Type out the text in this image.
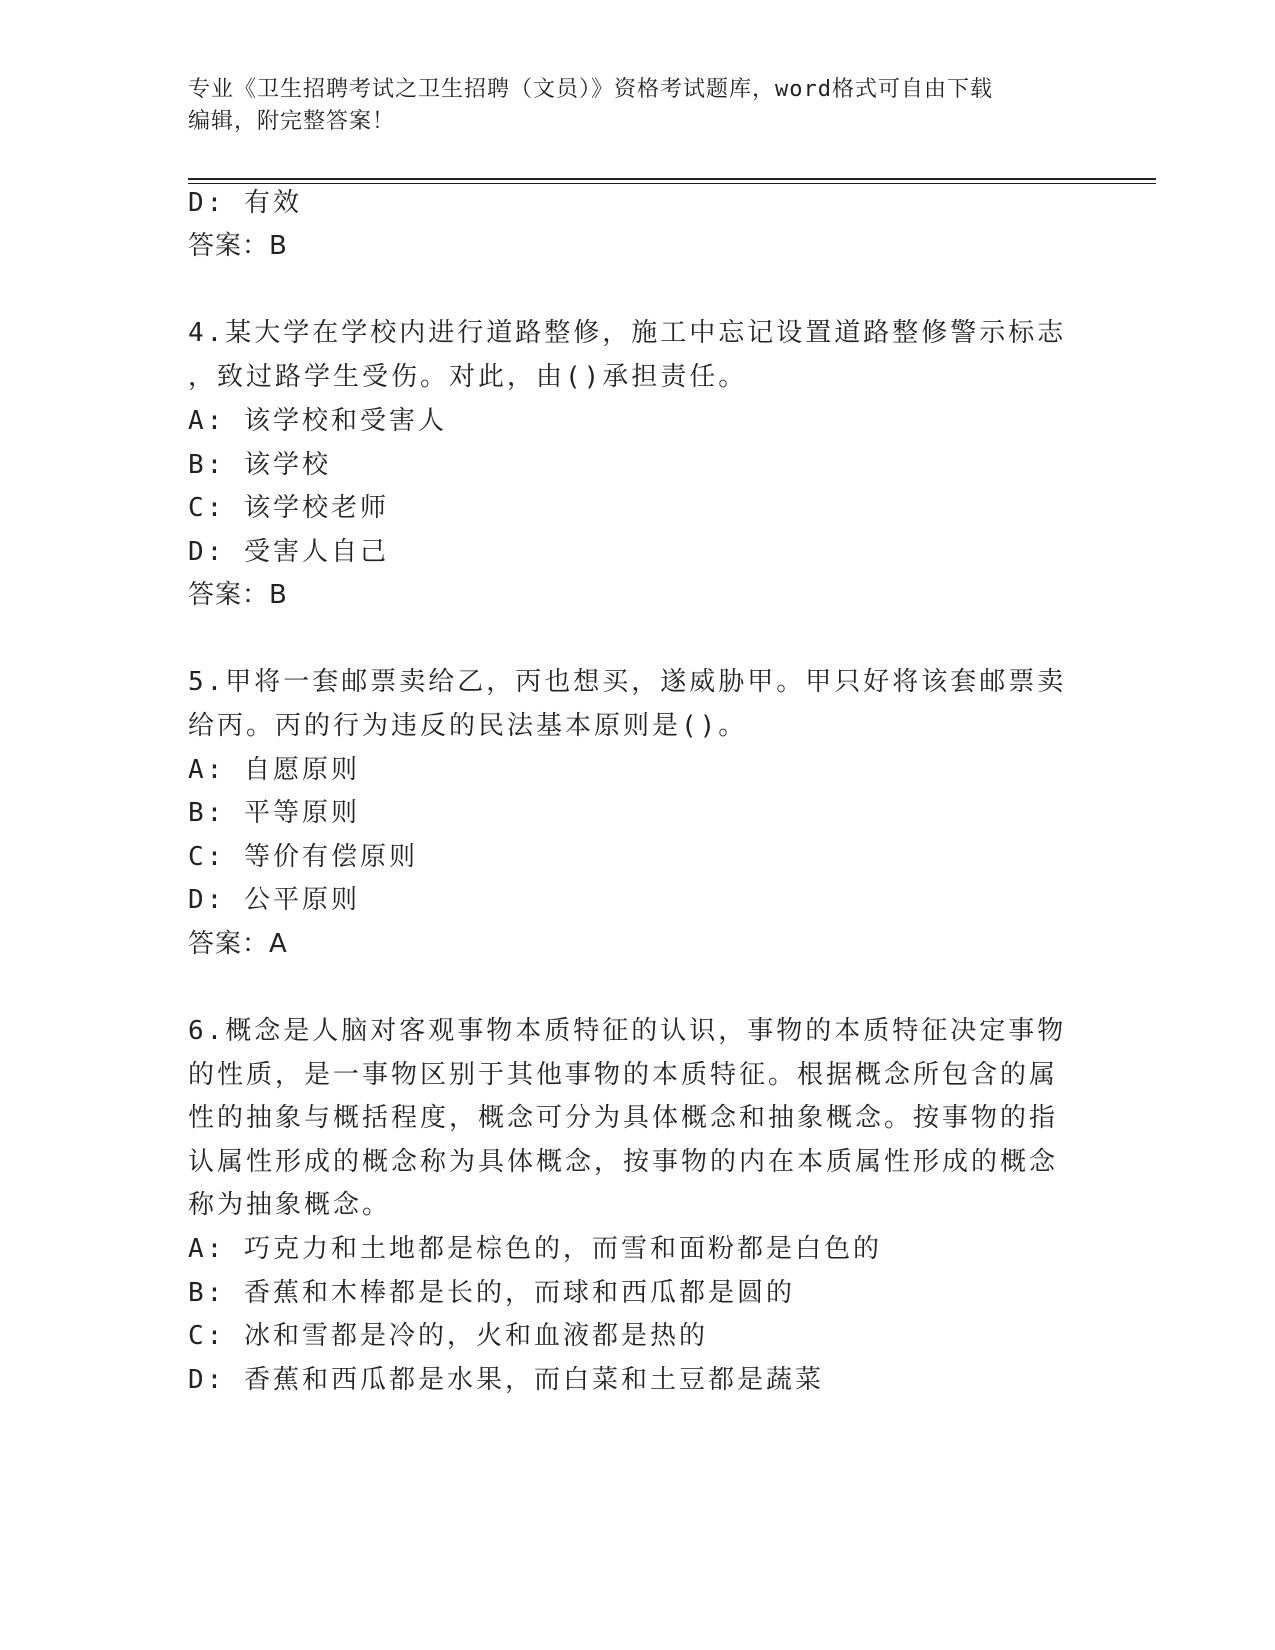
专业《卫生招聘考试之卫生招聘（文员）》资格考试题库，word格式可自由下载
编辑，附完整答案！
D: 有效
答案：B
4.某大学在学校内进行道路整修，施工中忘记设置道路整修警示标志
，致过路学生受伤。对此，由()承担责任。
A: 该学校和受害人
B: 该学校
C: 该学校老师
D: 受害人自己
答案：B
5.甲将一套邮票卖给乙，丙也想买，遂威胁甲。甲只好将该套邮票卖
给丙。丙的行为违反的民法基本原则是()。
A: 自愿原则
B: 平等原则
C: 等价有偿原则
D: 公平原则
答案：A
6.概念是人脑对客观事物本质特征的认识，事物的本质特征决定事物
的性质，是一事物区别于其他事物的本质特征。根据概念所包含的属
性的抽象与概括程度，概念可分为具体概念和抽象概念。按事物的指
认属性形成的概念称为具体概念，按事物的内在本质属性形成的概念
称为抽象概念。
A: 巧克力和土地都是棕色的，而雪和面粉都是白色的
B: 香蕉和木棒都是长的，而球和西瓜都是圆的
C: 冰和雪都是冷的，火和血液都是热的
D: 香蕉和西瓜都是水果，而白菜和土豆都是蔬菜
